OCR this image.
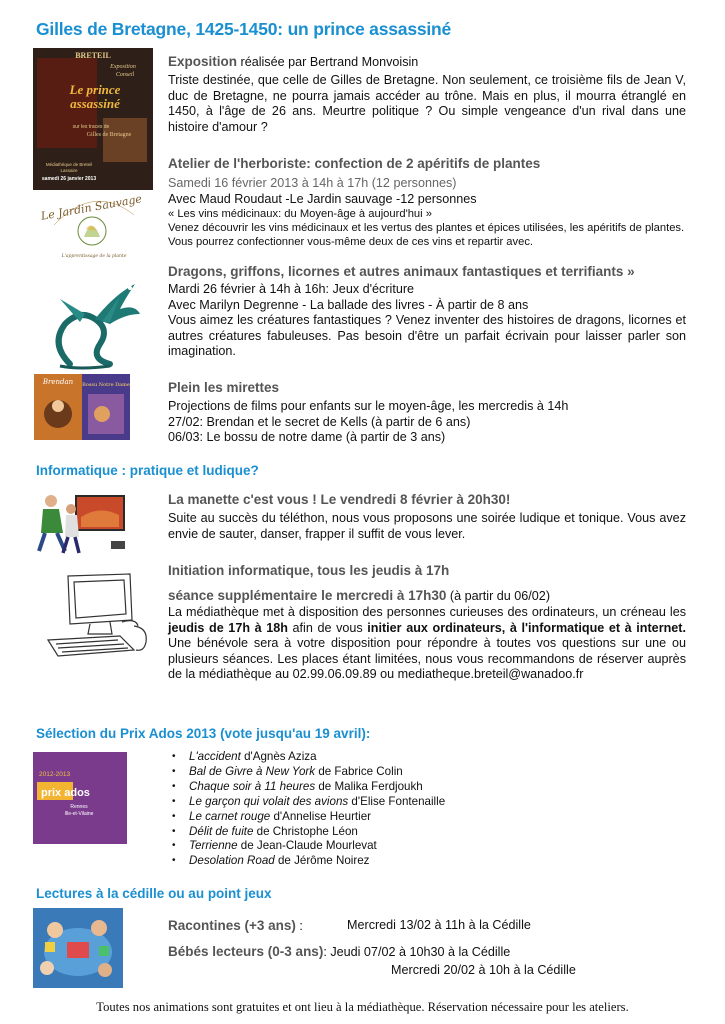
Gilles de Bretagne, 1425-1450: un prince assassiné
BRETEIL
Exposition
Conseil
Le prince
assassiné
sur les traces de
Gilles de Bretagne
Médiathèque de Breteil
Lassaire
samedi 26 janvier 2013
Exposition réalisée par Bertrand Monvoisin
Triste destinée, que celle de Gilles de Bretagne. Non seulement, ce troisième fils de Jean V, duc de Bretagne, ne pourra jamais accéder au trône. Mais en plus, il mourra étranglé en 1450, à l'âge de 26 ans. Meurtre politique ? Ou simple vengeance d'un rival dans une histoire d'amour ?
Le Jardin Sauvage
L'apprentissage de la plante
Atelier de l'herboriste: confection de 2 apéritifs de plantes
Samedi 16 février 2013 à 14h à 17h (12 personnes)
Avec Maud Roudaut -Le Jardin sauvage -12 personnes
« Les vins médicinaux: du Moyen-âge à aujourd'hui »
Venez découvrir les vins médicinaux et les vertus des plantes et épices utilisées, les apéritifs de plantes. Vous pourrez confectionner vous-même deux de ces vins et repartir avec.
Dragons, griffons, licornes et autres animaux fantastiques et terrifiants »
Mardi 26 février à 14h à 16h: Jeux d'écriture
Avec Marilyn Degrenne - La ballade des livres - À partir de 8 ans
Vous aimez les créatures fantastiques ? Venez inventer des histoires de dragons, licornes et autres créatures fabuleuses. Pas besoin d'être un parfait écrivain pour laisser parler son imagination.
Brendan Bossu Notre Dame	Plein les mirettes
Projections de films pour enfants sur le moyen-âge, les mercredis à 14h
27/02: Brendan et le secret de Kells (à partir de 6 ans)
06/03: Le bossu de notre dame (à partir de 3 ans)
Informatique : pratique et ludique?
La manette c'est vous ! Le vendredi 8 février à 20h30!
Suite au succès du téléthon, nous vous proposons une soirée ludique et tonique. Vous avez envie de sauter, danser, frapper il suffit de vous lever.
Initiation informatique, tous les jeudis à 17h
séance supplémentaire le mercredi à 17h30 (à partir du 06/02)
La médiathèque met à disposition des personnes curieuses des ordinateurs, un créneau les jeudis de 17h à 18h afin de vous initier aux ordinateurs, à l'informatique et à internet. Une bénévole sera à votre disposition pour répondre à toutes vos questions sur une ou plusieurs séances. Les places étant limitées, nous vous recommandons de réserver auprès de la médiathèque au 02.99.06.09.89 ou mediatheque.breteil@wanadoo.fr
Sélection du Prix Ados 2013 (vote jusqu'au 19 avril):
2012-2013
prix ados
Rennes
Ille-et-Vilaine
• L'accident d'Agnès Aziza
• Bal de Givre à New York de Fabrice Colin
• Chaque soir à 11 heures de Malika Ferdjoukh
• Le garçon qui volait des avions d'Elise Fontenaille
• Le carnet rouge d'Annelise Heurtier
• Délit de fuite de Christophe Léon
• Terrienne de Jean-Claude Mourlevat
• Desolation Road de Jérôme Noirez
Lectures à la cédille ou au point jeux
Racontines (+3 ans) :	Mercredi 13/02 à 11h à la Cédille
Bébés lecteurs (0-3 ans): Jeudi 07/02 à 10h30 à la Cédille
Mercredi 20/02 à 10h à la Cédille
Toutes nos animations sont gratuites et ont lieu à la médiathèque. Réservation nécessaire pour les ateliers.
